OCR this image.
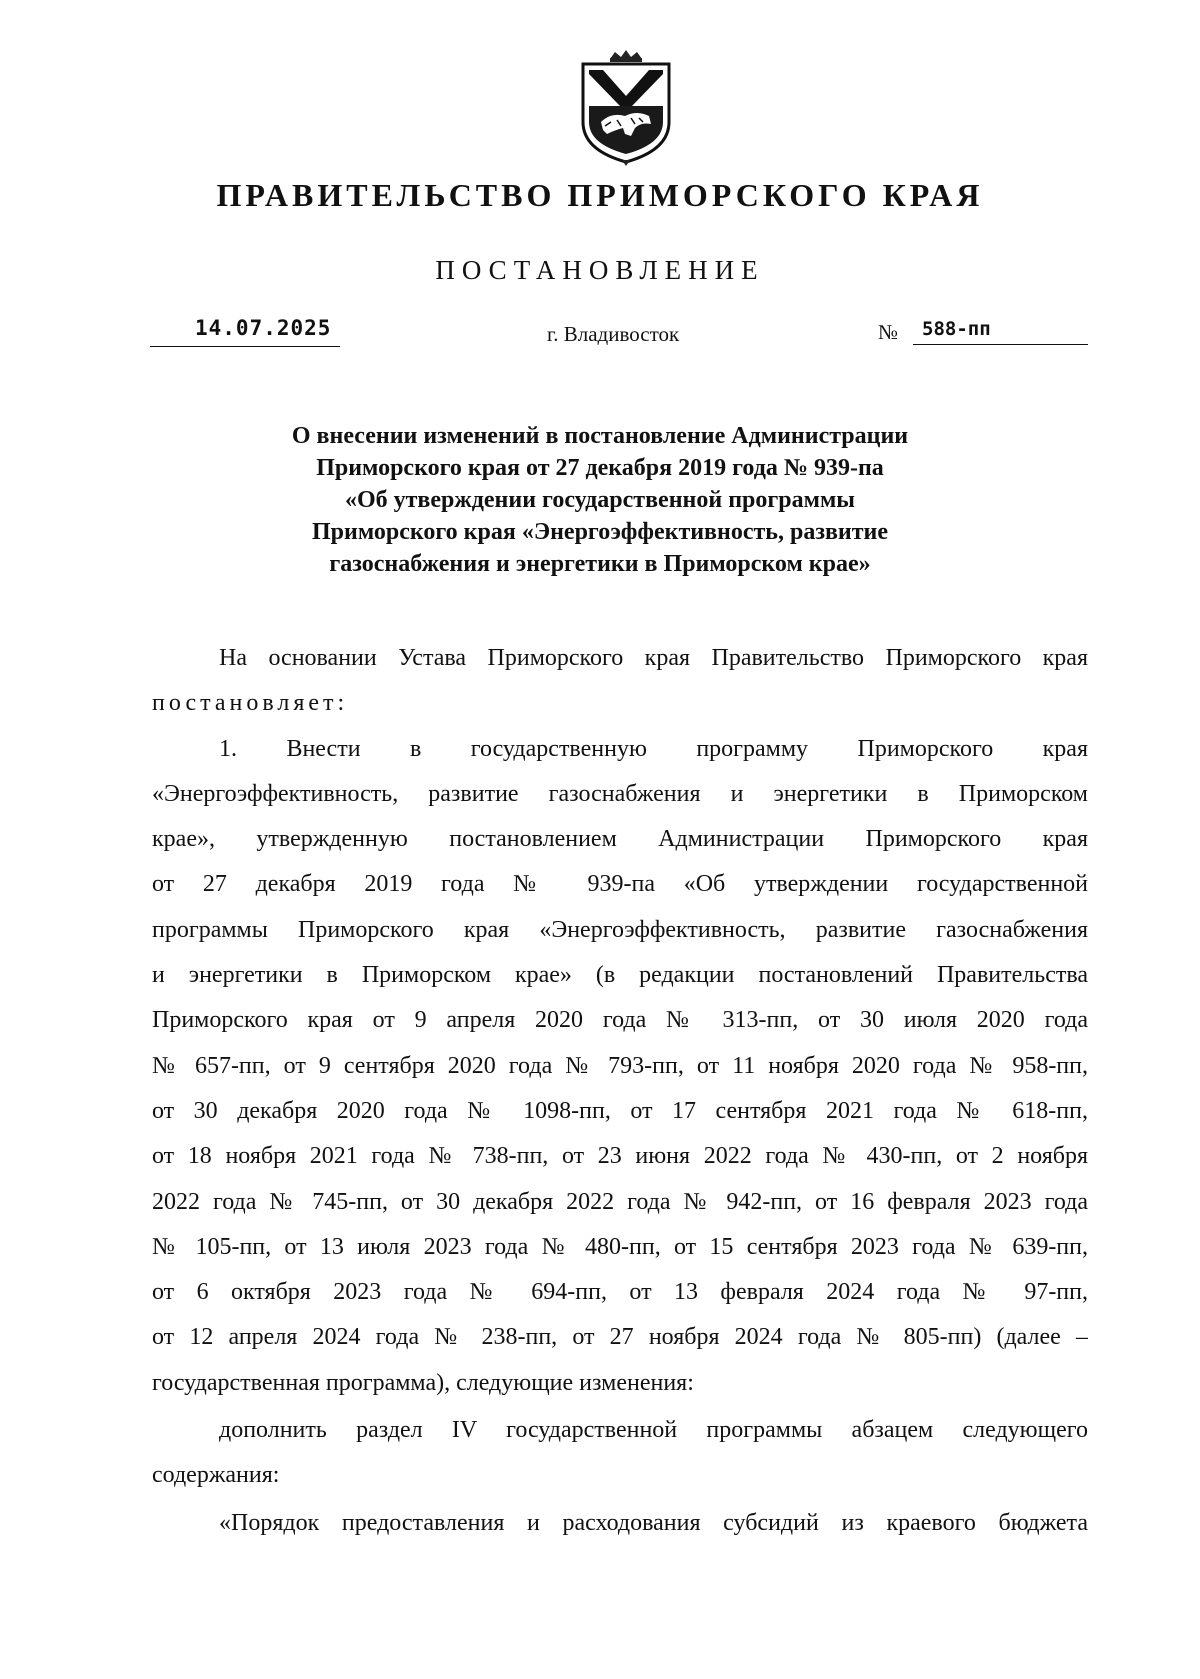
ПРАВИТЕЛЬСТВО ПРИМОРСКОГО КРАЯ
ПОСТАНОВЛЕНИЕ
14.07.2025	г. Владивосток	№ 588-пп
О внесении изменений в постановление Администрации
Приморского края от 27 декабря 2019 года № 939-па
«Об утверждении государственной программы
Приморского края «Энергоэффективность, развитие
газоснабжения и энергетики в Приморском крае»
На основании Устава Приморского края Правительство Приморского края
постановляет:
1. Внести в государственную программу Приморского края
«Энергоэффективность, развитие газоснабжения и энергетики в Приморском
крае», утвержденную постановлением Администрации Приморского края
от 27 декабря 2019 года № 939-па «Об утверждении государственной
программы Приморского края «Энергоэффективность, развитие газоснабжения
и энергетики в Приморском крае» (в редакции постановлений Правительства
Приморского края от 9 апреля 2020 года № 313-пп, от 30 июля 2020 года
№ 657-пп, от 9 сентября 2020 года № 793-пп, от 11 ноября 2020 года № 958-пп,
от 30 декабря 2020 года № 1098-пп, от 17 сентября 2021 года № 618-пп,
от 18 ноября 2021 года № 738-пп, от 23 июня 2022 года № 430-пп, от 2 ноября
2022 года № 745-пп, от 30 декабря 2022 года № 942-пп, от 16 февраля 2023 года
№ 105-пп, от 13 июля 2023 года № 480-пп, от 15 сентября 2023 года № 639-пп,
от 6 октября 2023 года № 694-пп, от 13 февраля 2024 года № 97-пп,
от 12 апреля 2024 года № 238-пп, от 27 ноября 2024 года № 805-пп) (далее –
государственная программа), следующие изменения:
дополнить раздел IV государственной программы абзацем следующего
содержания:
«Порядок предоставления и расходования субсидий из краевого бюджета
